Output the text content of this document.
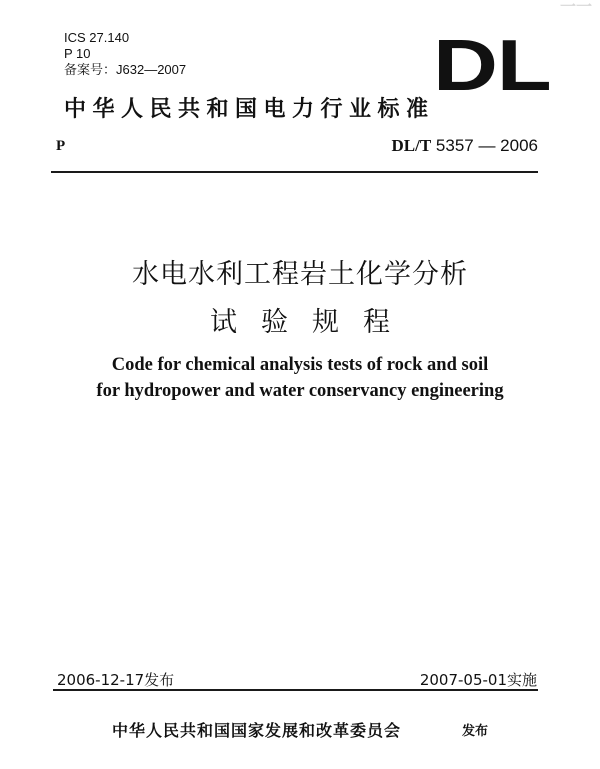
一一
ICS 27.140
P 10
备案号：J632—2007	DL
中华人民共和国电力行业标准
P	DL/T 5357 — 2006
水电水利工程岩土化学分析
试验规程
Code for chemical analysis tests of rock and soil
for hydropower and water conservancy engineering
2006-12-17发布	2007-05-01实施
中华人民共和国国家发展和改革委员会	发布
